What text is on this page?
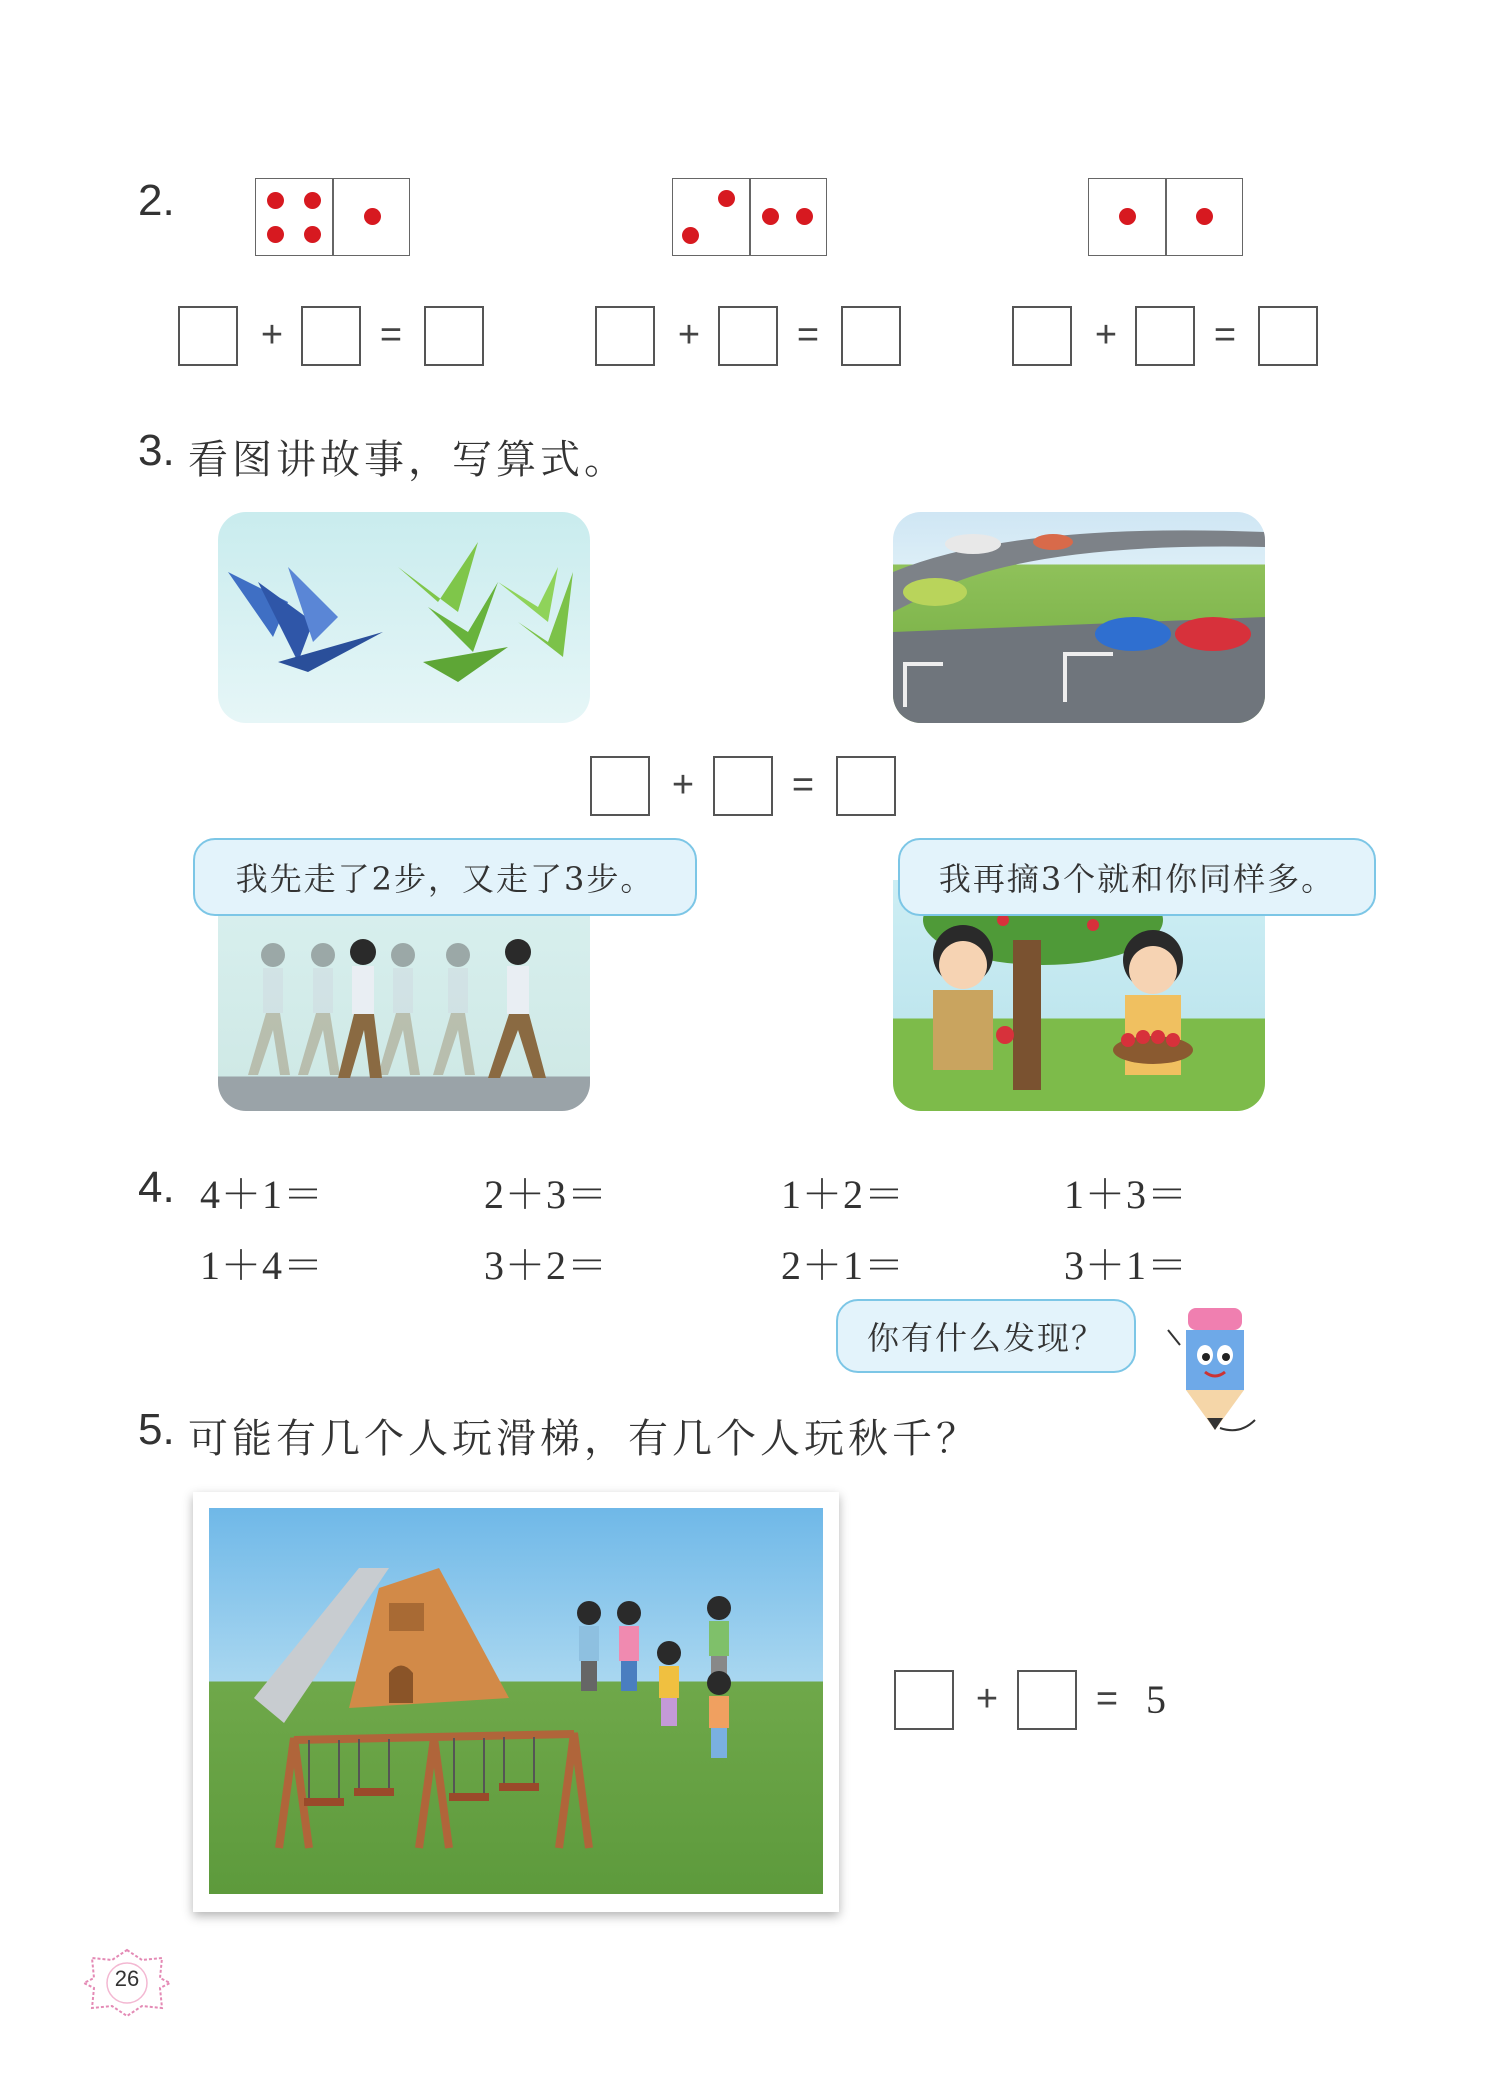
2.
+	=	+	=	+	=
3. 看图讲故事，写算式。
+	=
我先走了2步，又走了3步。	我再摘3个就和你同样多。
4. 4＋1＝	2＋3＝	1＋2＝	1＋3＝
1＋4＝	3＋2＝	2＋1＝	3＋1＝
你有什么发现？
5. 可能有几个人玩滑梯，有几个人玩秋千？
+	= 5
26
